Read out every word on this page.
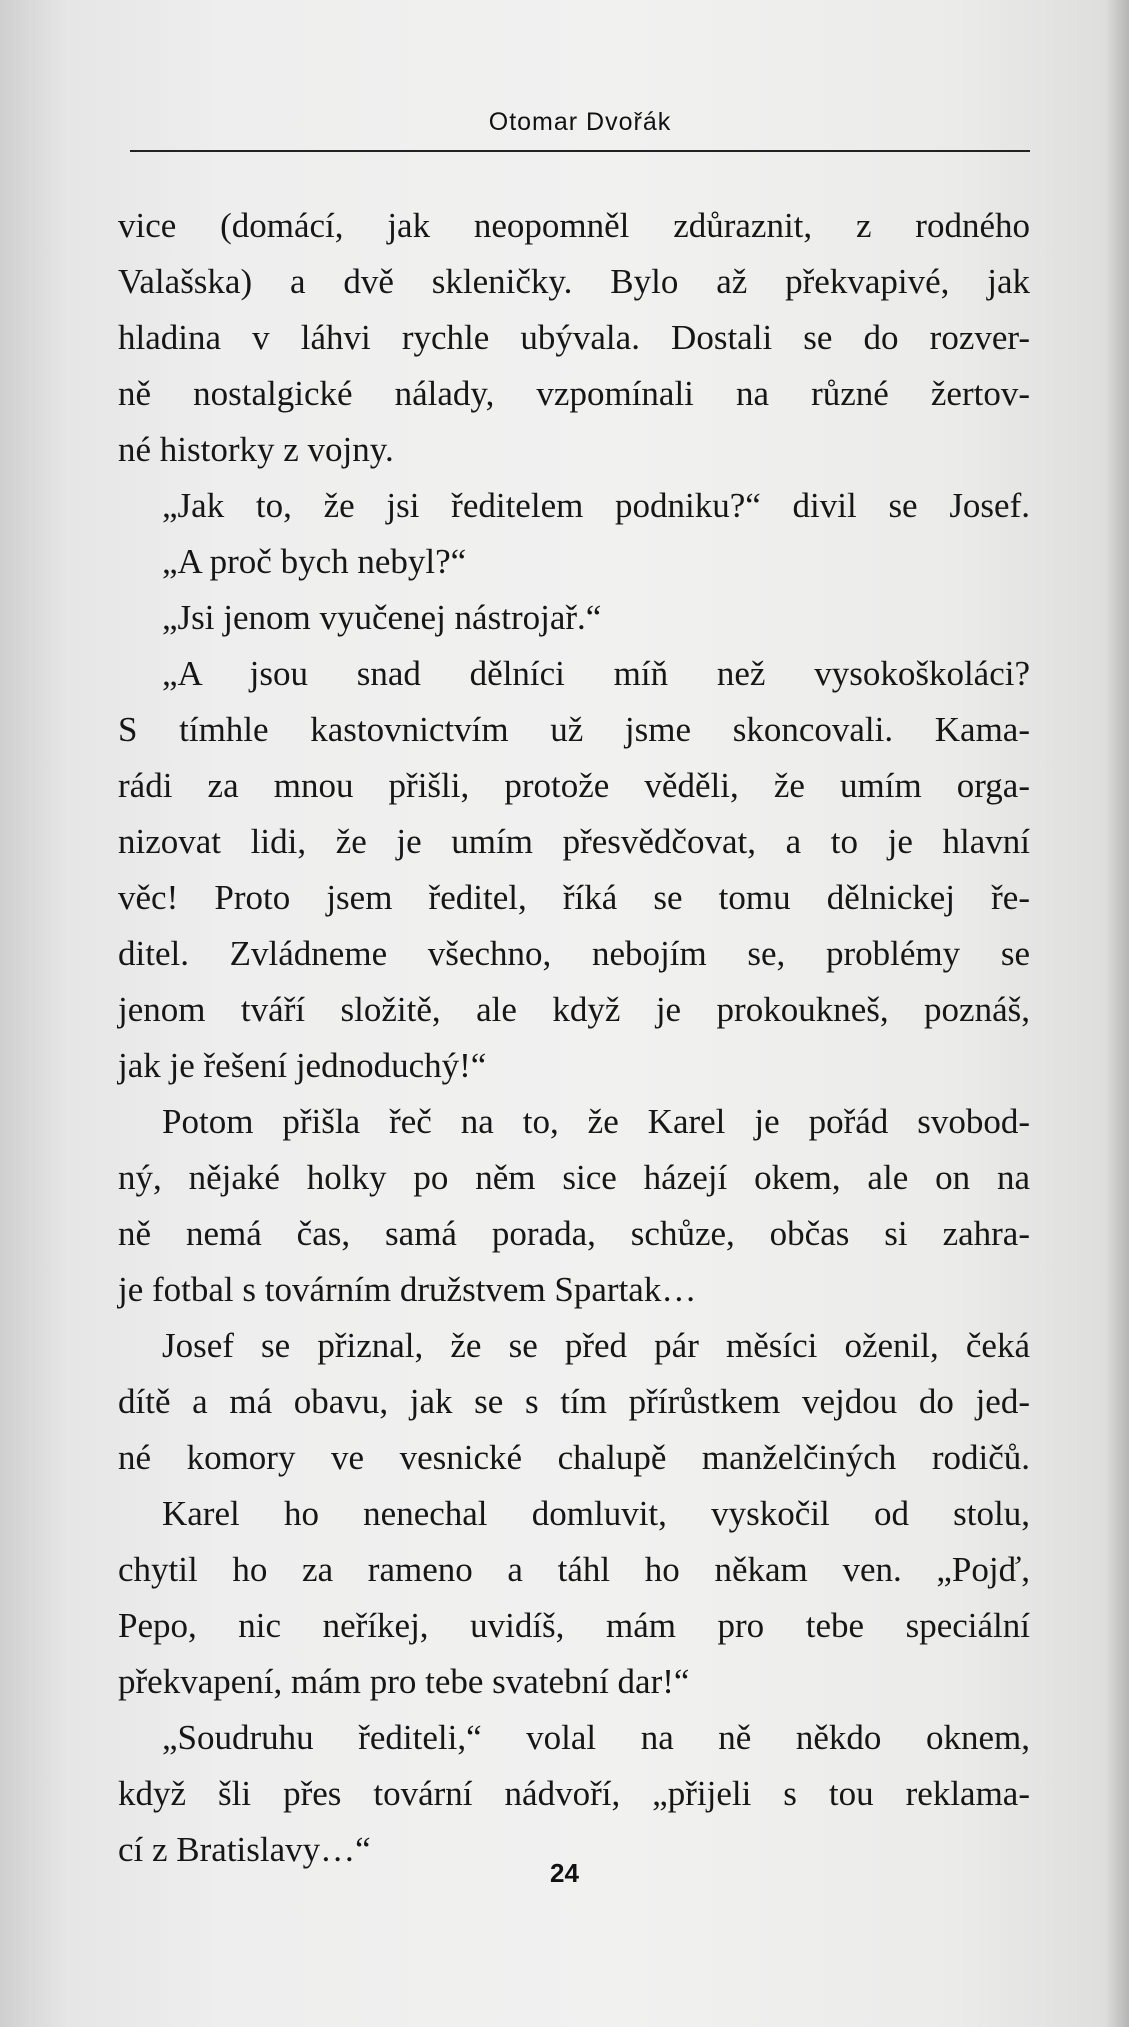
Otomar Dvořák
vice (domácí, jak neopomněl zdůraznit, z rodného
Valašska) a dvě skleničky. Bylo až překvapivé, jak
hladina v láhvi rychle ubývala. Dostali se do rozver-
ně nostalgické nálady, vzpomínali na různé žertov-
né historky z vojny.
„Jak to, že jsi ředitelem podniku?“ divil se Josef.
„A proč bych nebyl?“
„Jsi jenom vyučenej nástrojař.“
„A jsou snad dělníci míň než vysokoškoláci?
S tímhle kastovnictvím už jsme skoncovali. Kama-
rádi za mnou přišli, protože věděli, že umím orga-
nizovat lidi, že je umím přesvědčovat, a to je hlavní
věc! Proto jsem ředitel, říká se tomu dělnickej ře-
ditel. Zvládneme všechno, nebojím se, problémy se
jenom tváří složitě, ale když je prokoukneš, poznáš,
jak je řešení jednoduchý!“
Potom přišla řeč na to, že Karel je pořád svobod-
ný, nějaké holky po něm sice házejí okem, ale on na
ně nemá čas, samá porada, schůze, občas si zahra-
je fotbal s továrním družstvem Spartak…
Josef se přiznal, že se před pár měsíci oženil, čeká
dítě a má obavu, jak se s tím přírůstkem vejdou do jed-
né komory ve vesnické chalupě manželčiných rodičů.
Karel ho nenechal domluvit, vyskočil od stolu,
chytil ho za rameno a táhl ho někam ven. „Pojď,
Pepo, nic neříkej, uvidíš, mám pro tebe speciální
překvapení, mám pro tebe svatební dar!“
„Soudruhu řediteli,“ volal na ně někdo oknem,
když šli přes tovární nádvoří, „přijeli s tou reklama-
cí z Bratislavy…“
24
